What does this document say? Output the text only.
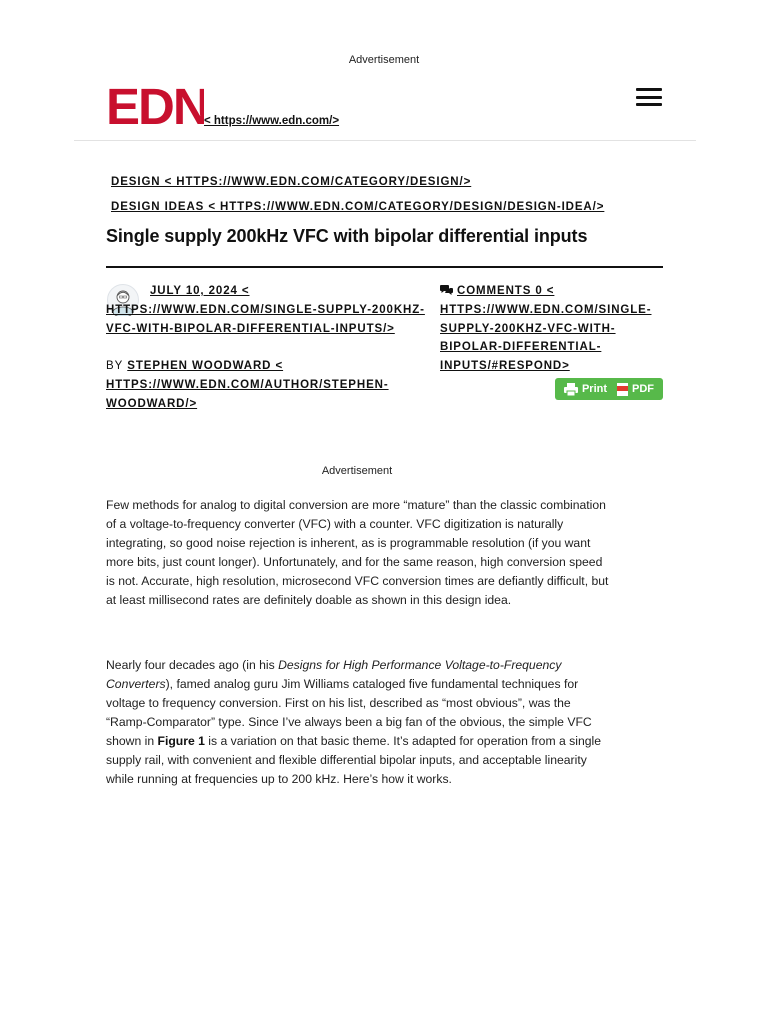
Advertisement
EDN
< https://www.edn.com/>
DESIGN < HTTPS://WWW.EDN.COM/CATEGORY/DESIGN/>
DESIGN IDEAS < HTTPS://WWW.EDN.COM/CATEGORY/DESIGN/DESIGN-IDEA/>
Single supply 200kHz VFC with bipolar differential inputs
JULY 10, 2024 < HTTPS://WWW.EDN.COM/SINGLE-SUPPLY-200KHZ-VFC-WITH-BIPOLAR-DIFFERENTIAL-INPUTS/>
BY STEPHEN WOODWARD < HTTPS://WWW.EDN.COM/AUTHOR/STEPHEN-WOODWARD/>
COMMENTS 0 < HTTPS://WWW.EDN.COM/SINGLE-SUPPLY-200KHZ-VFC-WITH-BIPOLAR-DIFFERENTIAL-INPUTS/#RESPOND>
Print PDF
Advertisement

Few methods for analog to digital conversion are more “mature” than the classic combination of a voltage-to-frequency converter (VFC) with a counter. VFC digitization is naturally integrating, so good noise rejection is inherent, as is programmable resolution (if you want more bits, just count longer). Unfortunately, and for the same reason, high conversion speed is not. Accurate, high resolution, microsecond VFC conversion times are defiantly difficult, but at least millisecond rates are definitely doable as shown in this design idea.

Nearly four decades ago (in his Designs for High Performance Voltage-to-Frequency Converters), famed analog guru Jim Williams cataloged five fundamental techniques for voltage to frequency conversion. First on his list, described as “most obvious”, was the “Ramp-Comparator” type. Since I’ve always been a big fan of the obvious, the simple VFC shown in Figure 1 is a variation on that basic theme. It’s adapted for operation from a single supply rail, with convenient and flexible differential bipolar inputs, and acceptable linearity while running at frequencies up to 200 kHz. Here’s how it works.
